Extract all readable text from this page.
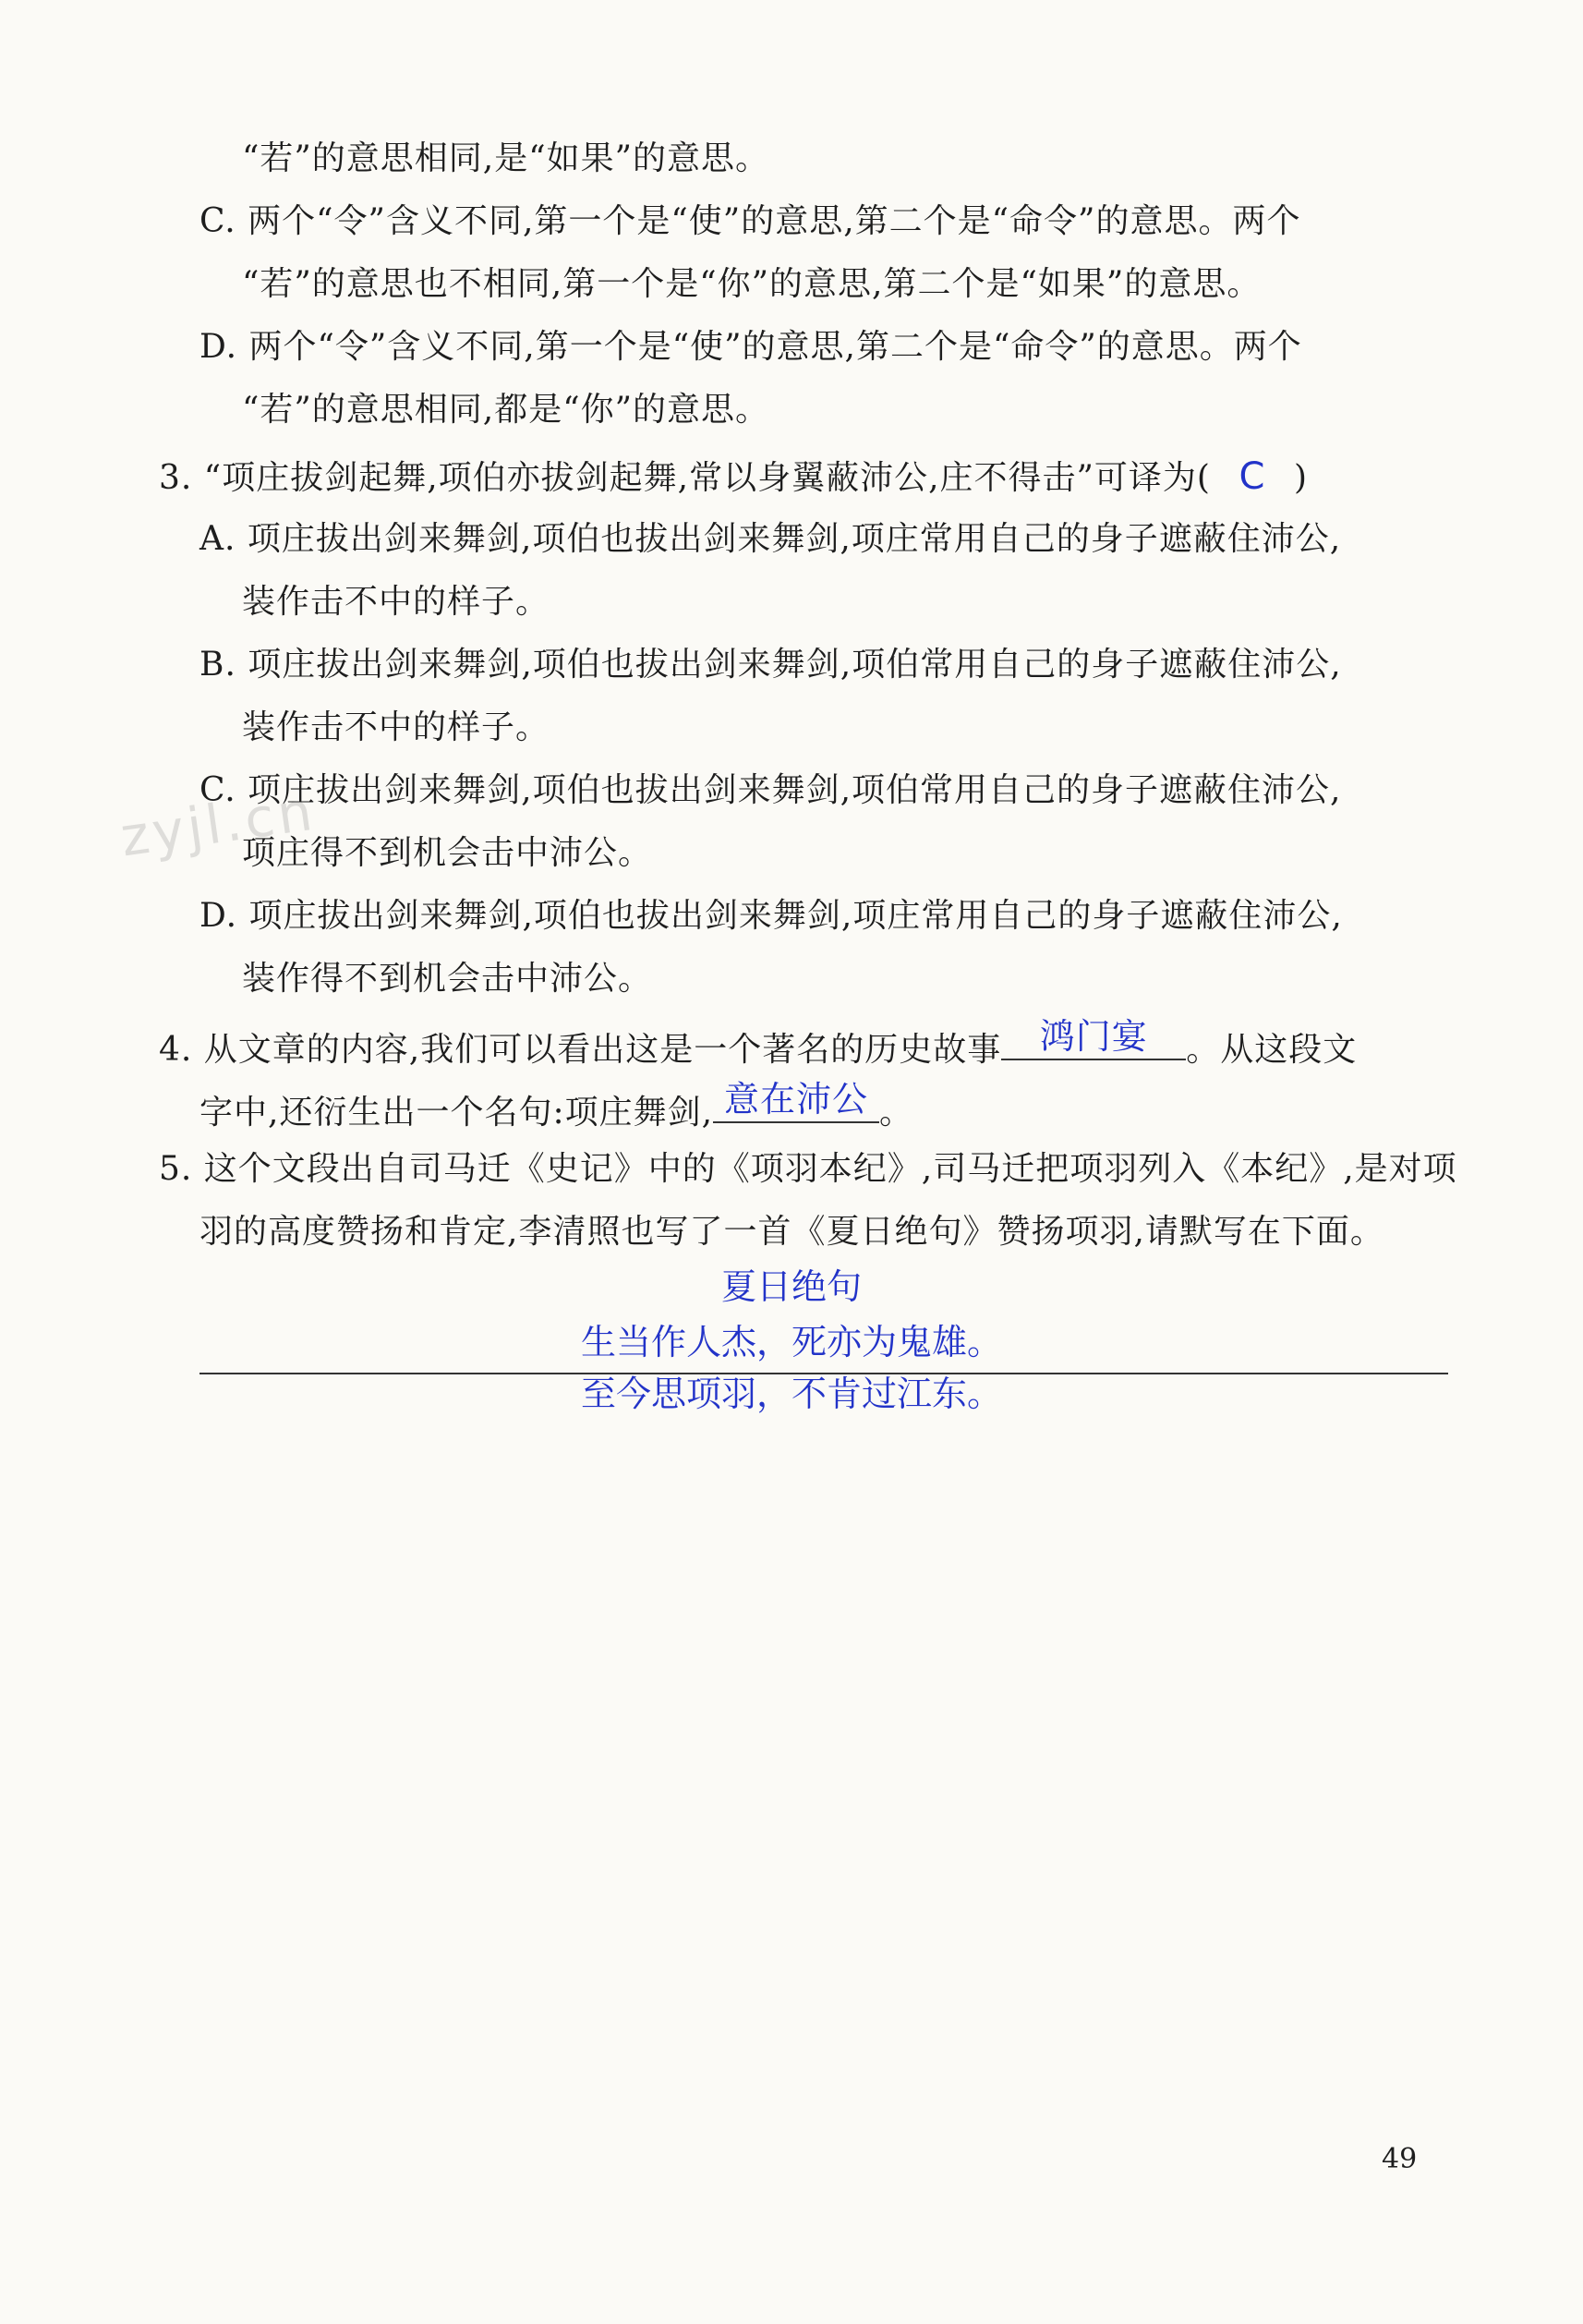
“若”的意思相同,是“如果”的意思。
C. 两个“令”含义不同,第一个是“使”的意思,第二个是“命令”的意思。两个
“若”的意思也不相同,第一个是“你”的意思,第二个是“如果”的意思。
D. 两个“令”含义不同,第一个是“使”的意思,第二个是“命令”的意思。两个
“若”的意思相同,都是“你”的意思。
3. “项庄拔剑起舞,项伯亦拔剑起舞,常以身翼蔽沛公,庄不得击”可译为( C )
A. 项庄拔出剑来舞剑,项伯也拔出剑来舞剑,项庄常用自己的身子遮蔽住沛公,
装作击不中的样子。
B. 项庄拔出剑来舞剑,项伯也拔出剑来舞剑,项伯常用自己的身子遮蔽住沛公,
装作击不中的样子。
C. 项庄拔出剑来舞剑,项伯也拔出剑来舞剑,项伯常用自己的身子遮蔽住沛公,
项庄得不到机会击中沛公。
D. 项庄拔出剑来舞剑,项伯也拔出剑来舞剑,项庄常用自己的身子遮蔽住沛公,
装作得不到机会击中沛公。
zyjl.cn
4. 从文章的内容,我们可以看出这是一个著名的历史故事	鸿门宴	。从这段文
字中,还衍生出一个名句:项庄舞剑, 意在沛公 。
5. 这个文段出自司马迁《史记》中的《项羽本纪》,司马迁把项羽列入《本纪》,是对项
羽的高度赞扬和肯定,李清照也写了一首《夏日绝句》赞扬项羽,请默写在下面。
夏日绝句
生当作人杰，死亦为鬼雄。
至今思项羽，不肯过江东。
49
